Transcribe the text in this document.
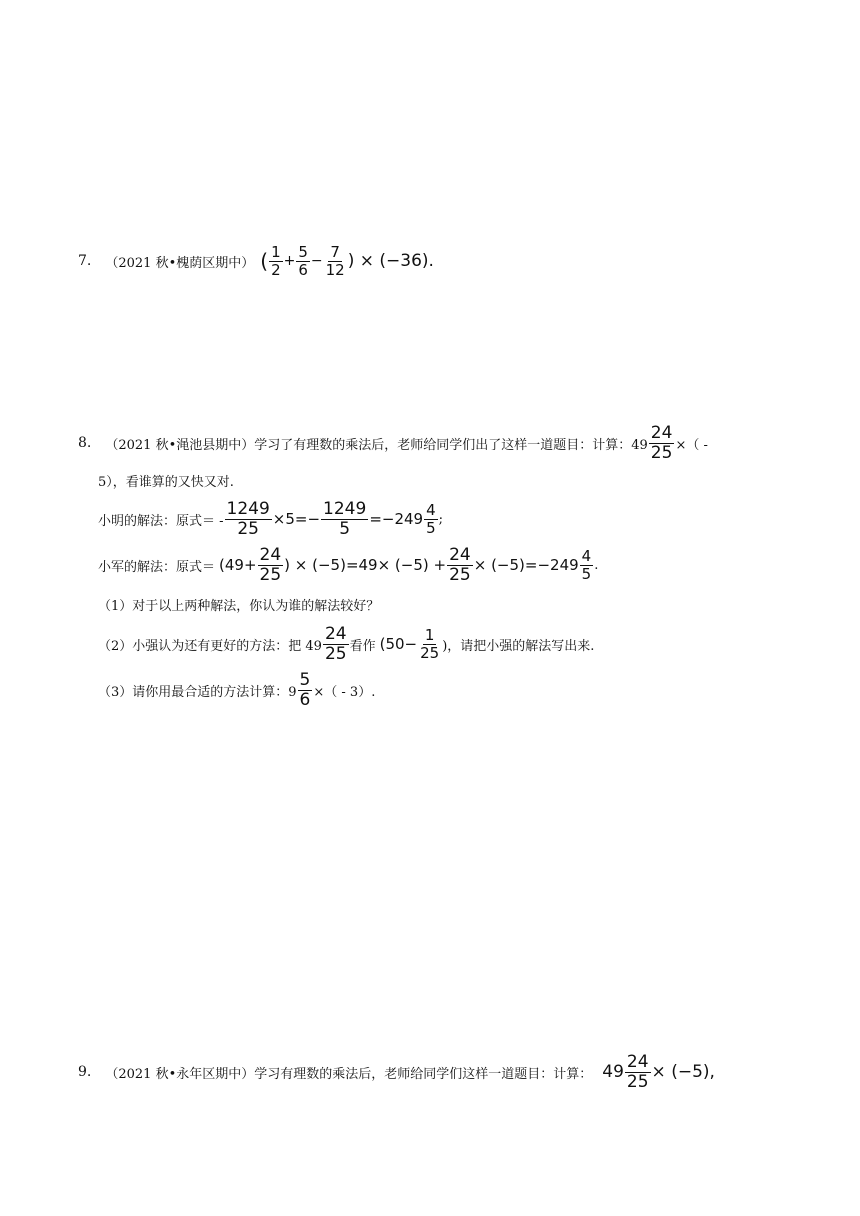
7. （2021 秋•槐荫区期中） ( $\frac{1}{2} + \frac{5}{6} - \frac{7}{12}$ ) × (−36).
8. （2021 秋•渑池县期中） 学习了有理数的乘法后，老师给同学们出了这样一道题目：计算：$49 \frac{24}{25}$ ×（ -
5），看谁算的又快又对.
小明的解法：原式＝ - $\frac{1249}{25} \times 5=- \frac{1249}{5} =-249 \frac{4}{5}$ ;
小军的解法：原式＝ ($49+ \frac{24}{25}$ ) × $(-5)=49\times (-5) + \frac{24}{25} \times (-5)=-249 \frac{4}{5}$ .
（1）对于以上两种解法，你认为谁的解法较好？
（2）小强认为还有更好的方法：把 $49 \frac{24}{25}$ 看作 ($50- \frac{1}{25}$ )，请把小强的解法写出来.
（3）请你用最合适的方法计算：$9 \frac{5}{6}$ ×（ - 3）.
9. （2021 秋•永年区期中） 学习有理数的乘法后，老师给同学们这样一道题目：计算： $49 \frac{24}{25} \times (-5)$,
